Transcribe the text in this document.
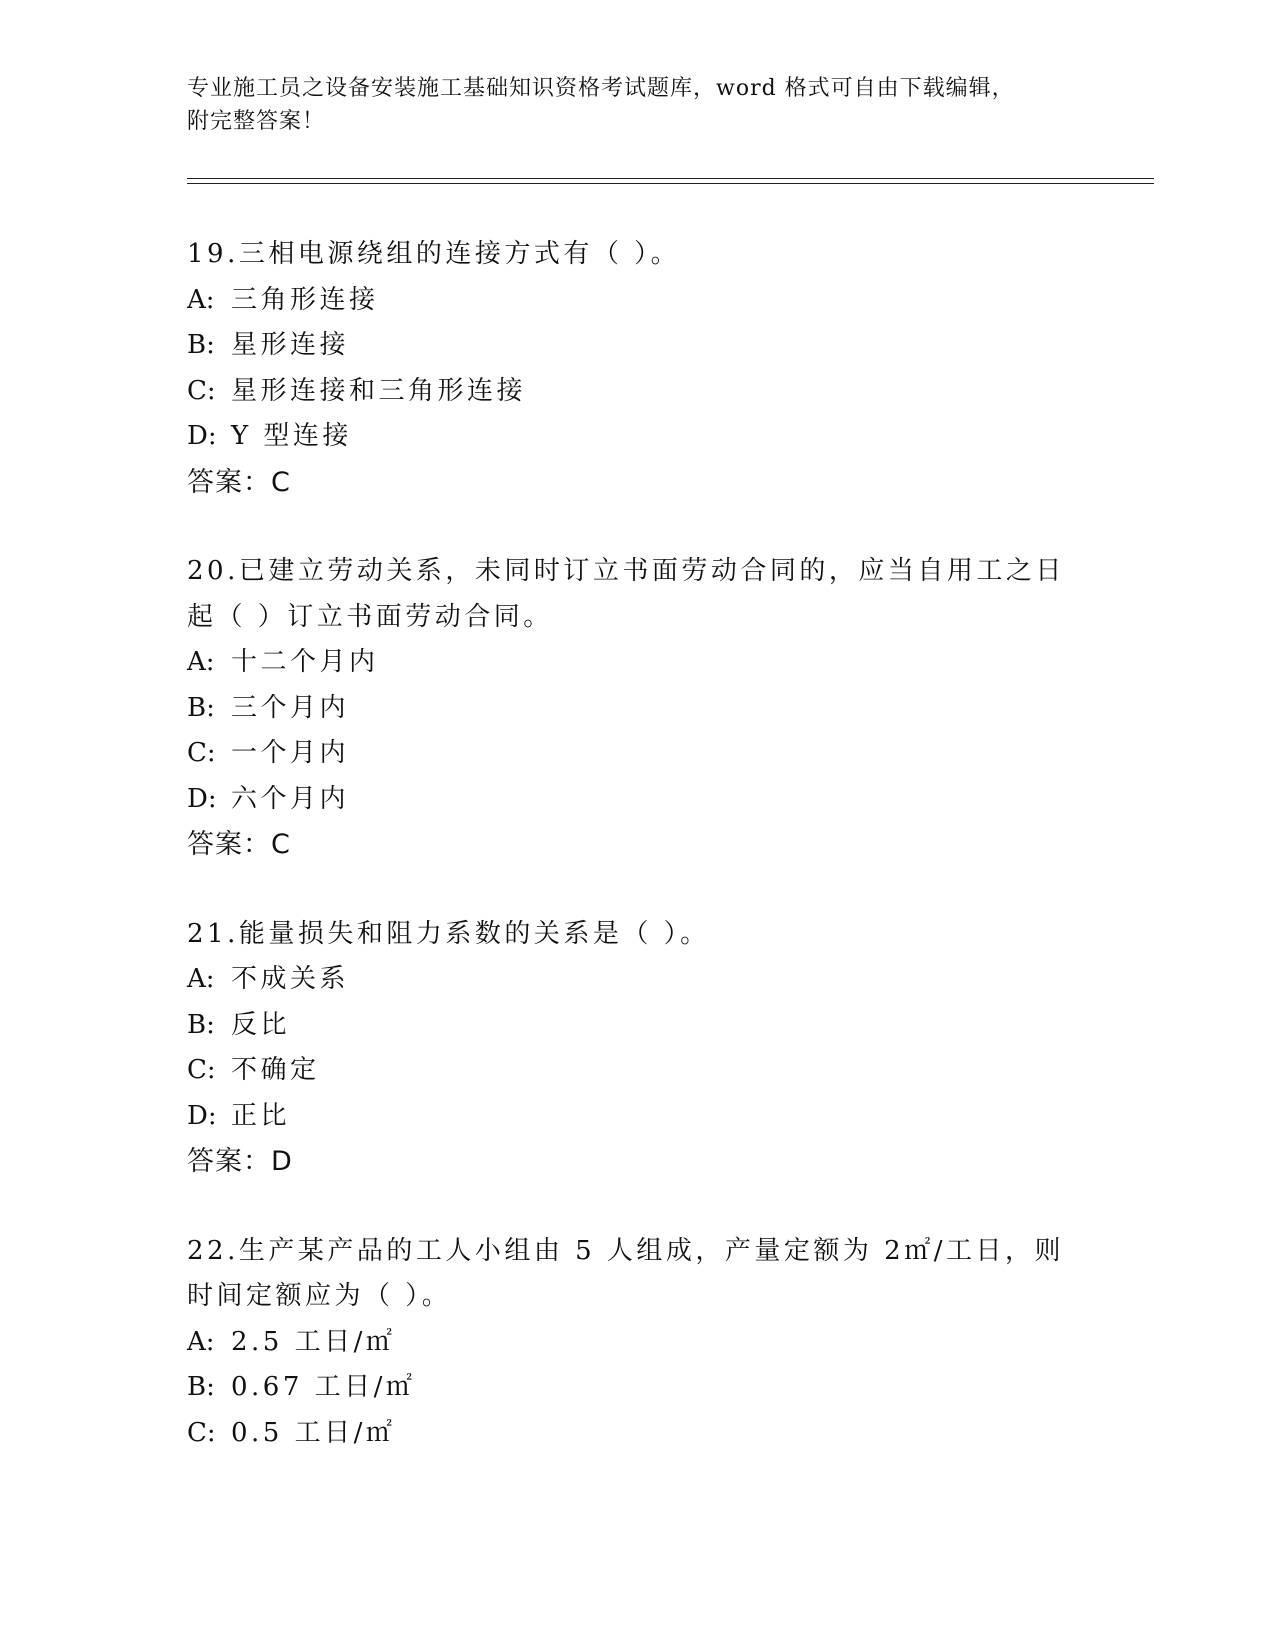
专业施工员之设备安装施工基础知识资格考试题库，word 格式可自由下载编辑，
附完整答案！
19.三相电源绕组的连接方式有（ ）。
A: 三角形连接
B: 星形连接
C: 星形连接和三角形连接
D: Y 型连接
答案：C
20.已建立劳动关系，未同时订立书面劳动合同的，应当自用工之日起（ ）订立书面劳动合同。
A: 十二个月内
B: 三个月内
C: 一个月内
D: 六个月内
答案：C
21.能量损失和阻力系数的关系是（ ）。
A: 不成关系
B: 反比
C: 不确定
D: 正比
答案：D
22.生产某产品的工人小组由 5 人组成，产量定额为 2㎡/工日，则时间定额应为（ ）。
A: 2.5 工日/㎡
B: 0.67 工日/㎡
C: 0.5 工日/㎡
